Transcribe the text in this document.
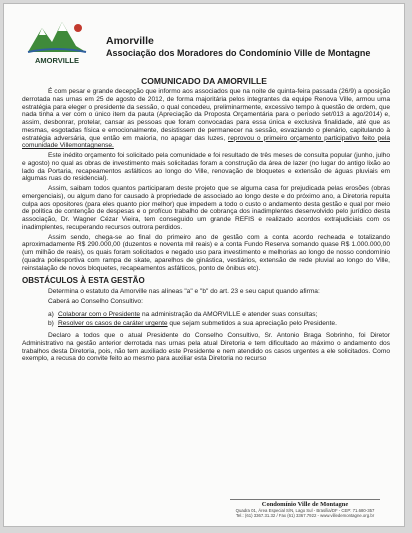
AMORVILLE
Amorville
Associação dos Moradores do Condomínio Ville de Montagne
COMUNICADO DA AMORVILLE

É com pesar e grande decepção que informo aos associados que na noite de quinta-feira passada (26/9) a oposição derrotada nas urnas em 25 de agosto de 2012, de forma majoritária pelos integrantes da equipe Renova Ville, armou uma estratégia para eleger o presidente da sessão, o qual concedeu, preliminarmente, excessivo tempo à questão de ordem, que nada tinha a ver com o único item da pauta (Apreciação da Proposta Orçamentária para o período set/013 a ago/2014) e, assim, desbonrar, protelar, cansar as pessoas que foram convocadas para essa única e exclusiva finalidade, até que as mesmas, esgotadas física e emocionalmente, desistissem de permanecer na sessão, esvaziando o plenário, capitulando à estratégia adversária, que então em maioria, no apagar das luzes, reprovou o primeiro orçamento participativo feito pela comunidade Villemontagnense.

Este inédito orçamento foi solicitado pela comunidade e foi resultado de três meses de consulta popular (junho, julho e agosto) no qual as obras de investimento mais solicitadas foram a construção da área de lazer (no lugar do antigo lixão ao lado da Portaria, recapeamentos asfálticos ao longo do Ville, renovação de bloquetes e extensão de águas pluviais em algumas ruas do residencial).

Assim, saibam todos quantos participaram deste projeto que se alguma casa for prejudicada pelas erosões (obras emergenciais), ou algum dano for causado à propriedade de associado ao longo deste e do próximo ano, a Diretoria repuita culpa aos opositores (para eles quanto pior melhor) que impedem a todo o custo o andamento desta gestão e qual por meio de política de contenção de despesas e o profícuo trabalho de cobrança dos inadimplentes desenvolvido pelo jurídico desta associação, Dr. Wagner Cézar Vieira, tem conseguido um grande REFIS e realizado acordos extrajudiciais com os inadimplentes, recuperando recursos outrora perdidos.

Assim sendo, chega-se ao final do primeiro ano de gestão com a conta acordo recheada e totalizando aproximadamente R$ 290.000,00 (duzentos e noventa mil reais) e a conta Fundo Reserva somando quase R$ 1.000.000,00 (um milhão de reais), os quais foram solicitados e negado uso para investimento e melhorias ao longo de nosso condomínio (quadra poliesportiva com rampa de skate, aparelhos de ginástica, vestiários, extensão de rede pluvial ao longo do Ville, reinstalação de novos bloquetes, recapeamentos asfálticos, ponto de ônibus etc).

OBSTÁCULOS À ESTA GESTÃO

Determina o estatuto da Amorville nas alíneas "a" e "b" do art. 23 e seu caput quando afirma:

Caberá ao Conselho Consultivo:

a) Colaborar com o Presidente na administração da AMORVILLE e atender suas consultas;
b) Resolver os casos de caráter urgente que sejam submetidos a sua apreciação pelo Presidente.

Declaro a todos que o atual Presidente do Conselho Consultivo, Sr. Antonio Braga Sobrinho, foi Diretor Administrativo na gestão anterior derrotada nas urnas pela atual Diretoria e tem dificultado ao máximo o andamento dos trabalhos desta Diretoria, pois, não tem auxiliado este Presidente e nem atendido os casos urgentes a ele solicitados. Como exemplo, a recusa do convite feito ao mesmo para auxiliar esta Diretoria no recurso

Condomínio Ville de Montagne
Quadra 01, Área Especial S/N, Lago Sul - Brasília/DF - CEP: 71.680-357
Tel.: (61) 3367.31.32 / Fax (61) 3367.7922 - www.villedemontagne.org.br
